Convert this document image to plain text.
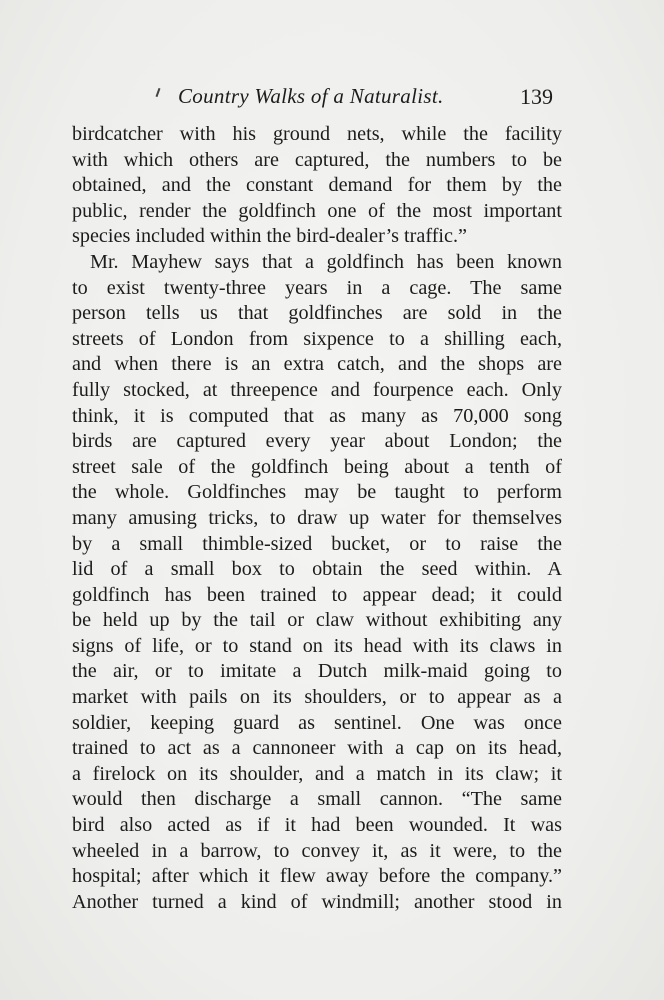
Country Walks of a Naturalist.	139
birdcatcher with his ground nets, while the facility
with which others are captured, the numbers to be
obtained, and the constant demand for them by the
public, render the goldfinch one of the most important
species included within the bird-dealer’s traffic.”
Mr. Mayhew says that a goldfinch has been known
to exist twenty-three years in a cage. The same
person tells us that goldfinches are sold in the
streets of London from sixpence to a shilling each,
and when there is an extra catch, and the shops are
fully stocked, at threepence and fourpence each. Only
think, it is computed that as many as 70,000 song
birds are captured every year about London; the
street sale of the goldfinch being about a tenth of
the whole. Goldfinches may be taught to perform
many amusing tricks, to draw up water for themselves
by a small thimble-sized bucket, or to raise the
lid of a small box to obtain the seed within. A
goldfinch has been trained to appear dead; it could
be held up by the tail or claw without exhibiting any
signs of life, or to stand on its head with its claws in
the air, or to imitate a Dutch milk-maid going to
market with pails on its shoulders, or to appear as a
soldier, keeping guard as sentinel. One was once
trained to act as a cannoneer with a cap on its head,
a firelock on its shoulder, and a match in its claw; it
would then discharge a small cannon. “The same
bird also acted as if it had been wounded. It was
wheeled in a barrow, to convey it, as it were, to the
hospital; after which it flew away before the company.”
Another turned a kind of windmill; another stood in
